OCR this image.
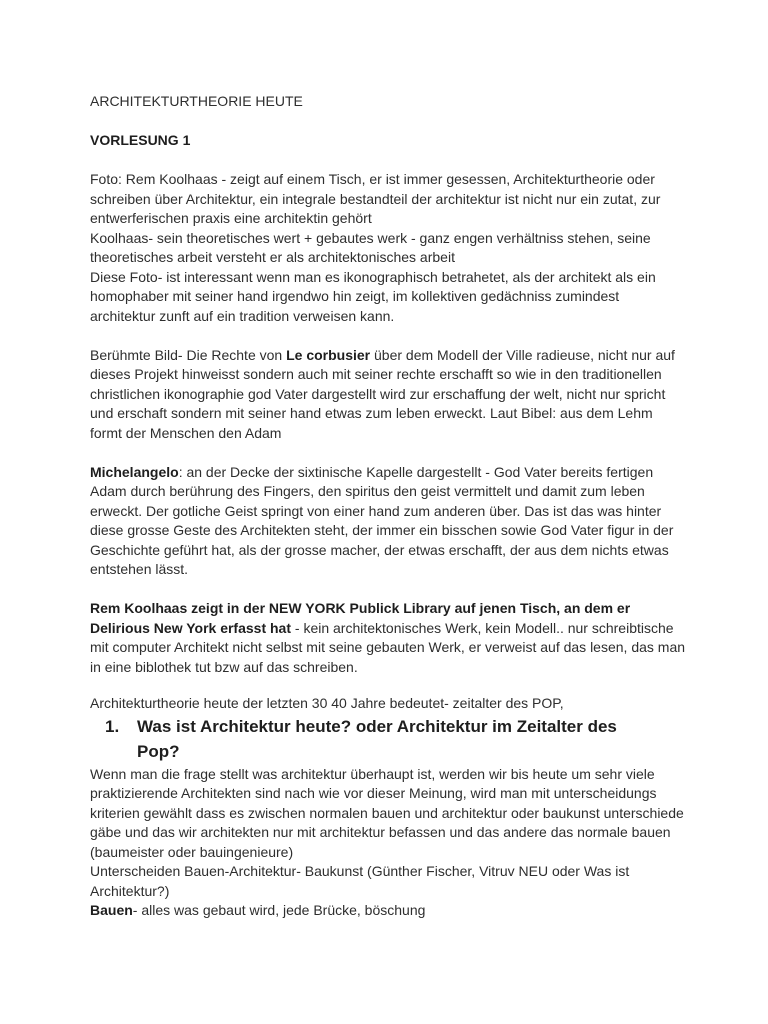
ARCHITEKTURTHEORIE HEUTE
VORLESUNG 1
Foto: Rem Koolhaas - zeigt auf einem Tisch, er ist immer gesessen, Architekturtheorie oder
schreiben über Architektur, ein integrale bestandteil der architektur ist nicht nur ein zutat, zur
entwerferischen praxis eine architektin gehört
Koolhaas- sein theoretisches wert + gebautes werk - ganz engen verhältniss stehen, seine
theoretisches arbeit versteht er als architektonisches arbeit
Diese Foto- ist interessant wenn man es ikonographisch betrahetet, als der architekt als ein
homophaber mit seiner hand irgendwo hin zeigt, im kollektiven gedächniss zumindest
architektur zunft auf ein tradition verweisen kann.
Berühmte Bild- Die Rechte von Le corbusier über dem Modell der Ville radieuse, nicht nur auf
dieses Projekt hinweisst sondern auch mit seiner rechte erschafft so wie in den traditionellen
christlichen ikonographie god Vater dargestellt wird zur erschaffung der welt, nicht nur spricht
und erschaft sondern mit seiner hand etwas zum leben erweckt. Laut Bibel: aus dem Lehm
formt der Menschen den Adam
Michelangelo: an der Decke der sixtinische Kapelle dargestellt - God Vater bereits fertigen
Adam durch berührung des Fingers, den spiritus den geist vermittelt und damit zum leben
erweckt. Der gotliche Geist springt von einer hand zum anderen über. Das ist das was hinter
diese grosse Geste des Architekten steht, der immer ein bisschen sowie God Vater figur in der
Geschichte geführt hat, als der grosse macher, der etwas erschafft, der aus dem nichts etwas
entstehen lässt.
Rem Koolhaas zeigt in der NEW YORK Publick Library auf jenen Tisch, an dem er
Delirious New York erfasst hat - kein architektonisches Werk, kein Modell.. nur schreibtische
mit computer Architekt nicht selbst mit seine gebauten Werk, er verweist auf das lesen, das man
in eine biblothek tut bzw auf das schreiben.
Architekturtheorie heute der letzten 30 40 Jahre bedeutet- zeitalter des POP,
1. Was ist Architektur heute? oder Architektur im Zeitalter des
Pop?
Wenn man die frage stellt was architektur überhaupt ist, werden wir bis heute um sehr viele
praktizierende Architekten sind nach wie vor dieser Meinung, wird man mit unterscheidungs
kriterien gewählt dass es zwischen normalen bauen und architektur oder baukunst unterschiede
gäbe und das wir architekten nur mit architektur befassen und das andere das normale bauen
(baumeister oder bauingenieure)
Unterscheiden Bauen-Architektur- Baukunst (Günther Fischer, Vitruv NEU oder Was ist
Architektur?)
Bauen- alles was gebaut wird, jede Brücke, böschung
